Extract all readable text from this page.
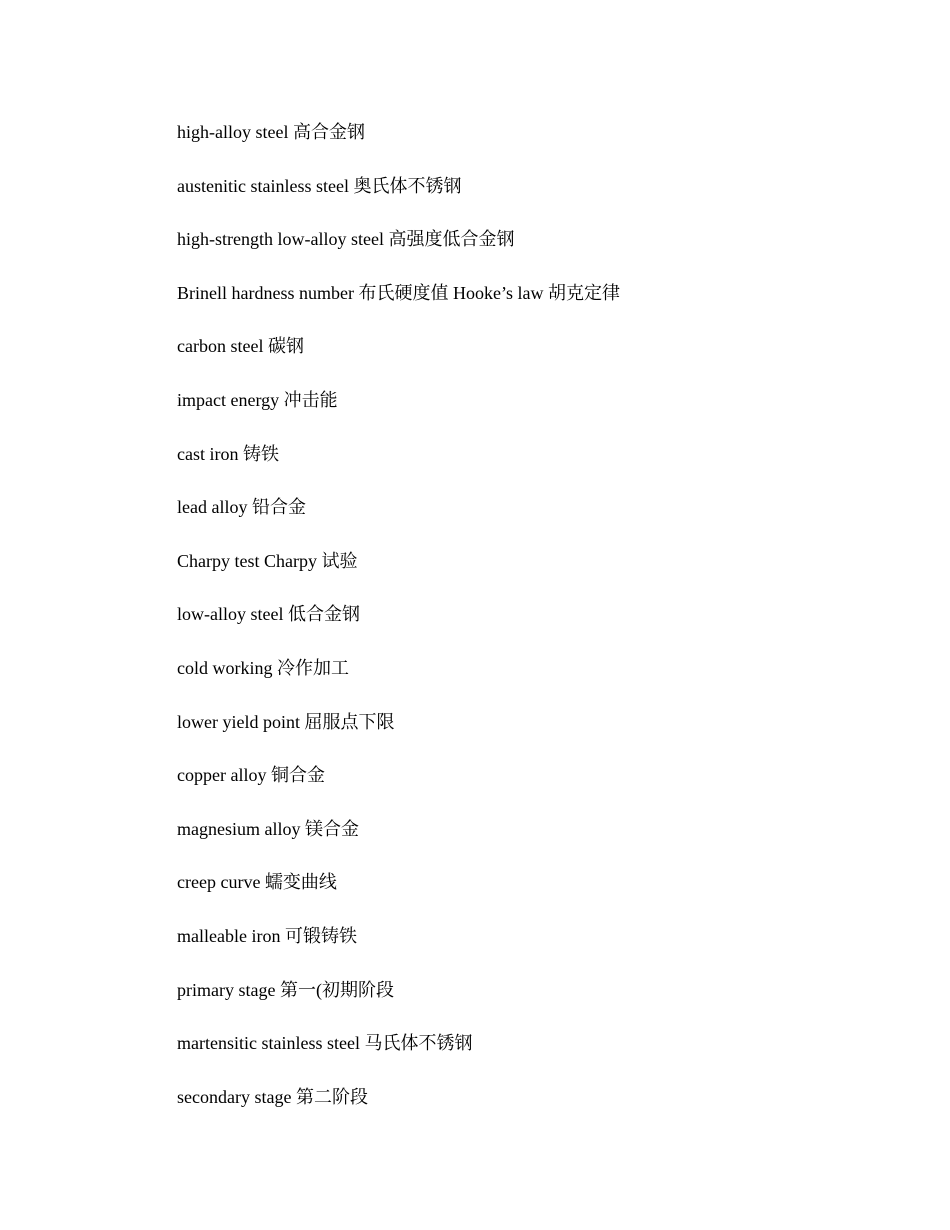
high-alloy steel 高合金钢
austenitic stainless steel 奥氏体不锈钢
high-strength low-alloy steel 高强度低合金钢
Brinell hardness number 布氏硬度值 Hooke’s law 胡克定律
carbon steel 碳钢
impact energy 冲击能
cast iron 铸铁
lead alloy 铅合金
Charpy test Charpy 试验
low-alloy steel 低合金钢
cold working 冷作加工
lower yield point 屈服点下限
copper alloy 铜合金
magnesium alloy 镁合金
creep curve 蠕变曲线
malleable iron 可锻铸铁
primary stage 第一(初期阶段
martensitic stainless steel 马氏体不锈钢
secondary stage 第二阶段
